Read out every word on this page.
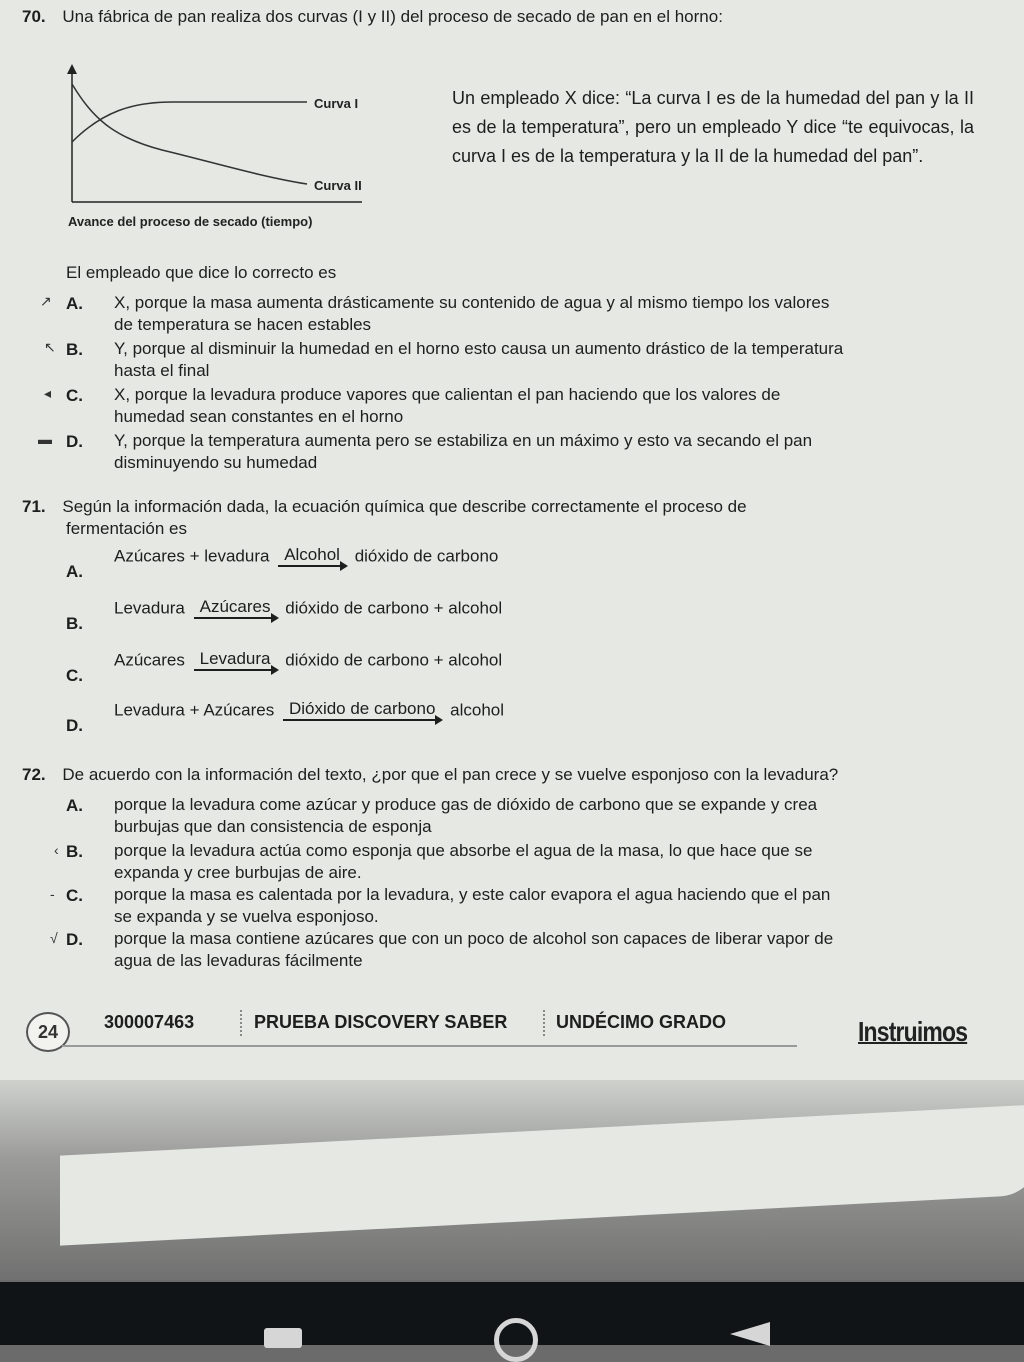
70. Una fábrica de pan realiza dos curvas (I y II) del proceso de secado de pan en el horno:
Curva I
Curva II
Avance del proceso de secado (tiempo)
Un empleado X dice: “La curva I es de la humedad del pan y la II es de la temperatura”, pero un empleado Y dice “te equivocas, la curva I es de la temperatura y la II de la humedad del pan”.
El empleado que dice lo correcto es
↗ A. X, porque la masa aumenta drásticamente su contenido de agua y al mismo tiempo los valores
de temperatura se hacen estables
↖ B. Y, porque al disminuir la humedad en el horno esto causa un aumento drástico de la temperatura
hasta el final
◂ C. X, porque la levadura produce vapores que calientan el pan haciendo que los valores de
humedad sean constantes en el horno
▬ D. Y, porque la temperatura aumenta pero se estabiliza en un máximo y esto va secando el pan
disminuyendo su humedad
71. Según la información dada, la ecuación química que describe correctamente el proceso de
fermentación es
A.
Azúcares + levadura Alcohol dióxido de carbono
B.
Levadura Azúcares dióxido de carbono + alcohol
C.
Azúcares Levadura dióxido de carbono + alcohol
D.
Levadura + Azúcares Dióxido de carbono alcohol
72. De acuerdo con la información del texto, ¿por que el pan crece y se vuelve esponjoso con la levadura?
A. porque la levadura come azúcar y produce gas de dióxido de carbono que se expande y crea
burbujas que dan consistencia de esponja
‹ B. porque la levadura actúa como esponja que absorbe el agua de la masa, lo que hace que se
expanda y cree burbujas de aire.
- C. porque la masa es calentada por la levadura, y este calor evapora el agua haciendo que el pan
se expanda y se vuelva esponjoso.
√ D. porque la masa contiene azúcares que con un poco de alcohol son capaces de liberar vapor de
agua de las levaduras fácilmente
24	300007463	PRUEBA DISCOVERY SABER	UNDÉCIMO GRADO	Instruimos
